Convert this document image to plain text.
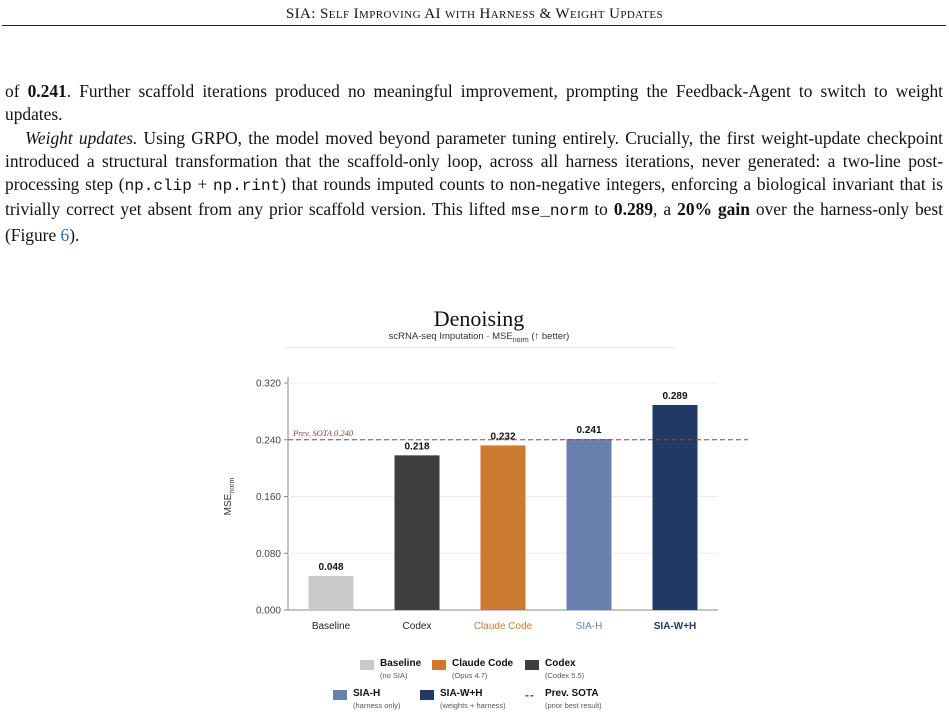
SIA: Self Improving AI with Harness & Weight Updates

of 0.241. Further scaffold iterations produced no meaningful improvement, prompting the Feedback-Agent to switch to weight updates.

Weight updates. Using GRPO, the model moved beyond parameter tuning entirely. Crucially, the first weight-update checkpoint introduced a structural transformation that the scaffold-only loop, across all harness iterations, never generated: a two-line post-processing step (np.clip + np.rint) that rounds imputed counts to non-negative integers, enforcing a biological invariant that is trivially correct yet absent from any prior scaffold version. This lifted mse_norm to 0.289, a 20% gain over the harness-only best (Figure 6).

Denoising
scRNA-seq Imputation · $MSE_{norm}$ (↑ better)
0.000
0.080
0.160
0.240
0.320
$MSE_{norm}$
0.048
Baseline
0.218
Codex
0.232
Claude Code
0.241
SIA-H
0.289
SIA-W+H
Prev. SOTA 0.240
Baseline
(no SIA)
Claude Code
(Opus 4.7)
Codex
(Codex 5.5)
SIA-H
(harness only)
SIA-W+H
(weights + harness)
--	Prev. SOTA
(prior best result)
